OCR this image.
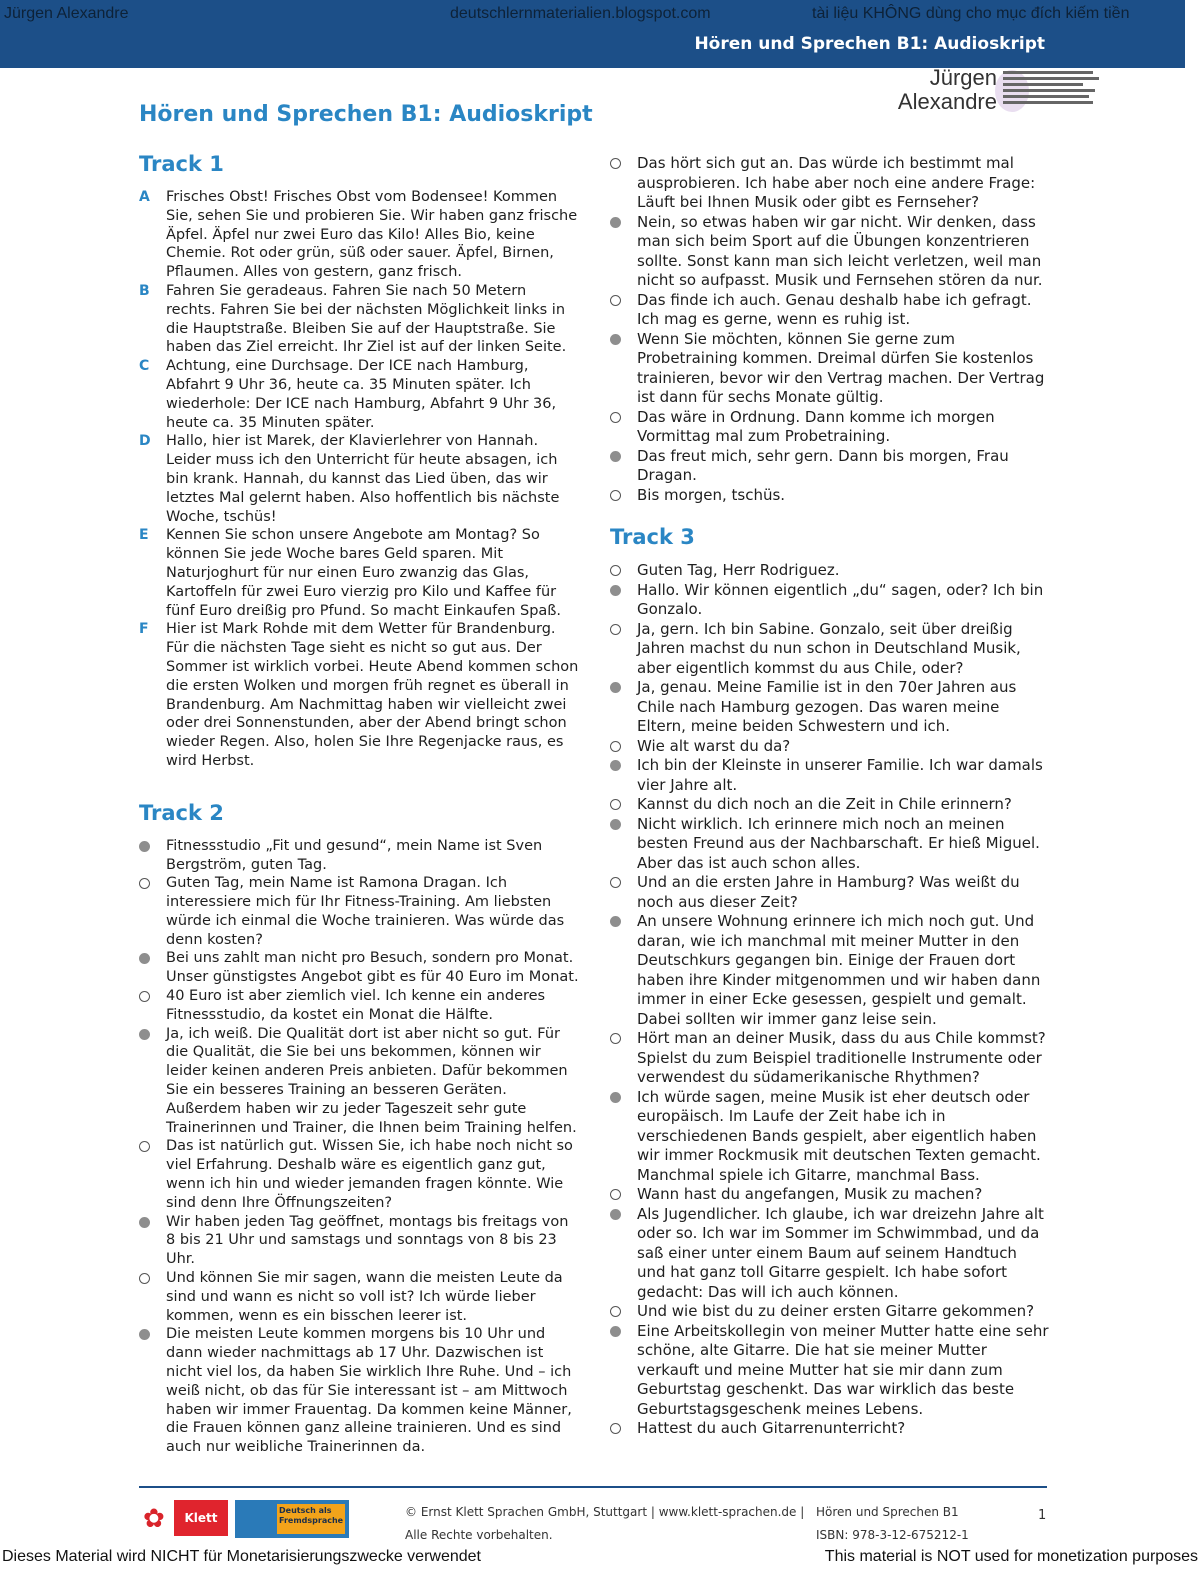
Jürgen Alexandre	deutschlernmaterialien.blogspot.com	tài liệu KHÔNG dùng cho mục đích kiếm tiền
Hören und Sprechen B1: Audioskript
Jürgen
Alexandre
Hören und Sprechen B1: Audioskript
Track 1
A	Frisches Obst! Frisches Obst vom Bodensee! Kommen Sie, sehen Sie und probieren Sie. Wir haben ganz frische Äpfel. Äpfel nur zwei Euro das Kilo! Alles Bio, keine Chemie. Rot oder grün, süß oder sauer. Äpfel, Birnen, Pflaumen. Alles von gestern, ganz frisch.
B	Fahren Sie geradeaus. Fahren Sie nach 50 Metern rechts. Fahren Sie bei der nächsten Möglichkeit links in die Hauptstraße. Bleiben Sie auf der Hauptstraße. Sie haben das Ziel erreicht. Ihr Ziel ist auf der linken Seite.
C	Achtung, eine Durchsage. Der ICE nach Hamburg, Abfahrt 9 Uhr 36, heute ca. 35 Minuten später. Ich wiederhole: Der ICE nach Hamburg, Abfahrt 9 Uhr 36, heute ca. 35 Minuten später.
D	Hallo, hier ist Marek, der Klavierlehrer von Hannah. Leider muss ich den Unterricht für heute absagen, ich bin krank. Hannah, du kannst das Lied üben, das wir letztes Mal gelernt haben. Also hoffentlich bis nächste Woche, tschüs!
E	Kennen Sie schon unsere Angebote am Montag? So können Sie jede Woche bares Geld sparen. Mit Naturjoghurt für nur einen Euro zwanzig das Glas, Kartoffeln für zwei Euro vierzig pro Kilo und Kaffee für fünf Euro dreißig pro Pfund. So macht Einkaufen Spaß.
F	Hier ist Mark Rohde mit dem Wetter für Brandenburg. Für die nächsten Tage sieht es nicht so gut aus. Der Sommer ist wirklich vorbei. Heute Abend kommen schon die ersten Wolken und morgen früh regnet es überall in Brandenburg. Am Nachmittag haben wir vielleicht zwei oder drei Sonnenstunden, aber der Abend bringt schon wieder Regen. Also, holen Sie Ihre Regenjacke raus, es wird Herbst.
Track 2
Fitnessstudio „Fit und gesund“, mein Name ist Sven Bergström, guten Tag.
Guten Tag, mein Name ist Ramona Dragan. Ich interessiere mich für Ihr Fitness-Training. Am liebsten würde ich einmal die Woche trainieren. Was würde das denn kosten?
Bei uns zahlt man nicht pro Besuch, sondern pro Monat. Unser günstigstes Angebot gibt es für 40 Euro im Monat.
40 Euro ist aber ziemlich viel. Ich kenne ein anderes Fitnessstudio, da kostet ein Monat die Hälfte.
Ja, ich weiß. Die Qualität dort ist aber nicht so gut. Für die Qualität, die Sie bei uns bekommen, können wir leider keinen anderen Preis anbieten. Dafür bekommen Sie ein besseres Training an besseren Geräten. Außerdem haben wir zu jeder Tageszeit sehr gute Trainerinnen und Trainer, die Ihnen beim Training helfen.
Das ist natürlich gut. Wissen Sie, ich habe noch nicht so viel Erfahrung. Deshalb wäre es eigentlich ganz gut, wenn ich hin und wieder jemanden fragen könnte. Wie sind denn Ihre Öffnungszeiten?
Wir haben jeden Tag geöffnet, montags bis freitags von 8 bis 21 Uhr und samstags und sonntags von 8 bis 23 Uhr.
Und können Sie mir sagen, wann die meisten Leute da sind und wann es nicht so voll ist? Ich würde lieber kommen, wenn es ein bisschen leerer ist.
Die meisten Leute kommen morgens bis 10 Uhr und dann wieder nachmittags ab 17 Uhr. Dazwischen ist nicht viel los, da haben Sie wirklich Ihre Ruhe. Und – ich weiß nicht, ob das für Sie interessant ist – am Mittwoch haben wir immer Frauentag. Da kommen keine Männer, die Frauen können ganz alleine trainieren. Und es sind auch nur weibliche Trainerinnen da.
Das hört sich gut an. Das würde ich bestimmt mal ausprobieren. Ich habe aber noch eine andere Frage: Läuft bei Ihnen Musik oder gibt es Fernseher?
Nein, so etwas haben wir gar nicht. Wir denken, dass man sich beim Sport auf die Übungen konzentrieren sollte. Sonst kann man sich leicht verletzen, weil man nicht so aufpasst. Musik und Fernsehen stören da nur.
Das finde ich auch. Genau deshalb habe ich gefragt. Ich mag es gerne, wenn es ruhig ist.
Wenn Sie möchten, können Sie gerne zum Probetraining kommen. Dreimal dürfen Sie kostenlos trainieren, bevor wir den Vertrag machen. Der Vertrag ist dann für sechs Monate gültig.
Das wäre in Ordnung. Dann komme ich morgen Vormittag mal zum Probetraining.
Das freut mich, sehr gern. Dann bis morgen, Frau Dragan.
Bis morgen, tschüs.
Track 3
Guten Tag, Herr Rodriguez.
Hallo. Wir können eigentlich „du“ sagen, oder? Ich bin Gonzalo.
Ja, gern. Ich bin Sabine. Gonzalo, seit über dreißig Jahren machst du nun schon in Deutschland Musik, aber eigentlich kommst du aus Chile, oder?
Ja, genau. Meine Familie ist in den 70er Jahren aus Chile nach Hamburg gezogen. Das waren meine Eltern, meine beiden Schwestern und ich.
Wie alt warst du da?
Ich bin der Kleinste in unserer Familie. Ich war damals vier Jahre alt.
Kannst du dich noch an die Zeit in Chile erinnern?
Nicht wirklich. Ich erinnere mich noch an meinen besten Freund aus der Nachbarschaft. Er hieß Miguel. Aber das ist auch schon alles.
Und an die ersten Jahre in Hamburg? Was weißt du noch aus dieser Zeit?
An unsere Wohnung erinnere ich mich noch gut. Und daran, wie ich manchmal mit meiner Mutter in den Deutschkurs gegangen bin. Einige der Frauen dort haben ihre Kinder mitgenommen und wir haben dann immer in einer Ecke gesessen, gespielt und gemalt. Dabei sollten wir immer ganz leise sein.
Hört man an deiner Musik, dass du aus Chile kommst? Spielst du zum Beispiel traditionelle Instrumente oder verwendest du südamerikanische Rhythmen?
Ich würde sagen, meine Musik ist eher deutsch oder europäisch. Im Laufe der Zeit habe ich in verschiedenen Bands gespielt, aber eigentlich haben wir immer Rockmusik mit deutschen Texten gemacht. Manchmal spiele ich Gitarre, manchmal Bass.
Wann hast du angefangen, Musik zu machen?
Als Jugendlicher. Ich glaube, ich war dreizehn Jahre alt oder so. Ich war im Sommer im Schwimmbad, und da saß einer unter einem Baum auf seinem Handtuch und hat ganz toll Gitarre gespielt. Ich habe sofort gedacht: Das will ich auch können.
Und wie bist du zu deiner ersten Gitarre gekommen?
Eine Arbeitskollegin von meiner Mutter hatte eine sehr schöne, alte Gitarre. Die hat sie meiner Mutter verkauft und meine Mutter hat sie mir dann zum Geburtstag geschenkt. Das war wirklich das beste Geburtstagsgeschenk meines Lebens.
Hattest du auch Gitarrenunterricht?
✿	Klett
Deutsch als Fremdsprache
© Ernst Klett Sprachen GmbH, Stuttgart | www.klett-sprachen.de |
Alle Rechte vorbehalten.
Hören und Sprechen B1
ISBN: 978-3-12-675212-1
1
Dieses Material wird NICHT für Monetarisierungszwecke verwendet	This material is NOT used for monetization purposes
